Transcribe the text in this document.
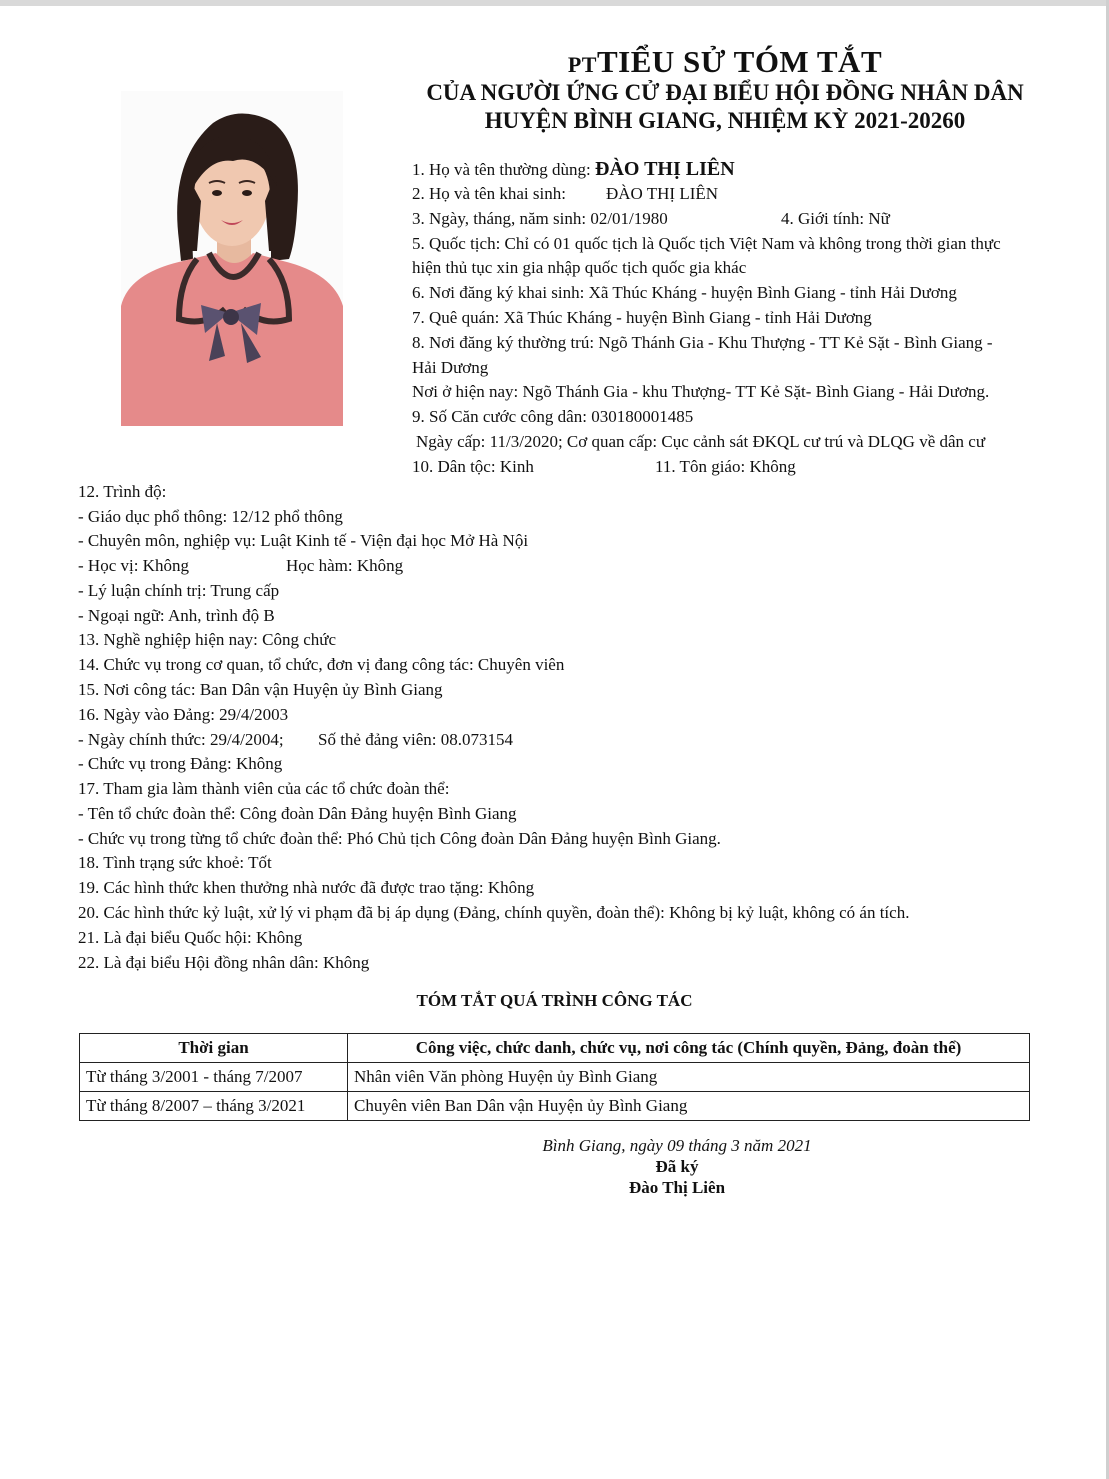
PTTIỂU SỬ TÓM TẮT
CỦA NGƯỜI ỨNG CỬ ĐẠI BIỂU HỘI ĐỒNG NHÂN DÂN
HUYỆN BÌNH GIANG, NHIỆM KỲ 2021-20260
1. Họ và tên thường dùng: ĐÀO THỊ LIÊN
2. Họ và tên khai sinh: ĐÀO THỊ LIÊN
3. Ngày, tháng, năm sinh: 02/01/1980	4. Giới tính: Nữ
5. Quốc tịch: Chỉ có 01 quốc tịch là Quốc tịch Việt Nam và không trong thời gian thực
hiện thủ tục xin gia nhập quốc tịch quốc gia khác
6. Nơi đăng ký khai sinh: Xã Thúc Kháng - huyện Bình Giang - tỉnh Hải Dương
7. Quê quán: Xã Thúc Kháng - huyện Bình Giang - tỉnh Hải Dương
8. Nơi đăng ký thường trú: Ngõ Thánh Gia - Khu Thượng - TT Kẻ Sặt - Bình Giang -
Hải Dương
Nơi ở hiện nay: Ngõ Thánh Gia - khu Thượng- TT Kẻ Sặt- Bình Giang - Hải Dương.
9. Số Căn cước công dân: 030180001485
Ngày cấp: 11/3/2020; Cơ quan cấp: Cục cảnh sát ĐKQL cư trú và DLQG về dân cư
10. Dân tộc: Kinh	11. Tôn giáo: Không
12. Trình độ:
- Giáo dục phổ thông: 12/12 phổ thông
- Chuyên môn, nghiệp vụ: Luật Kinh tế - Viện đại học Mở Hà Nội
- Học vị: Không	Học hàm: Không
- Lý luận chính trị: Trung cấp
- Ngoại ngữ: Anh, trình độ B
13. Nghề nghiệp hiện nay: Công chức
14. Chức vụ trong cơ quan, tổ chức, đơn vị đang công tác: Chuyên viên
15. Nơi công tác: Ban Dân vận Huyện ủy Bình Giang
16. Ngày vào Đảng: 29/4/2003
- Ngày chính thức: 29/4/2004; Số thẻ đảng viên: 08.073154
- Chức vụ trong Đảng: Không
17. Tham gia làm thành viên của các tổ chức đoàn thể:
- Tên tổ chức đoàn thể: Công đoàn Dân Đảng huyện Bình Giang
- Chức vụ trong từng tổ chức đoàn thể: Phó Chủ tịch Công đoàn Dân Đảng huyện Bình Giang.
18. Tình trạng sức khoẻ: Tốt
19. Các hình thức khen thưởng nhà nước đã được trao tặng: Không
20. Các hình thức kỷ luật, xử lý vi phạm đã bị áp dụng (Đảng, chính quyền, đoàn thể): Không bị kỷ luật, không có án tích.
21. Là đại biểu Quốc hội: Không
22. Là đại biểu Hội đồng nhân dân: Không
TÓM TẮT QUÁ TRÌNH CÔNG TÁC
Thời gian	Công việc, chức danh, chức vụ, nơi công tác (Chính quyền, Đảng, đoàn thể)
Từ tháng 3/2001 - tháng 7/2007	Nhân viên Văn phòng Huyện ủy Bình Giang
Từ tháng 8/2007 – tháng 3/2021	Chuyên viên Ban Dân vận Huyện ủy Bình Giang
Bình Giang, ngày 09 tháng 3 năm 2021
Đã ký
Đào Thị Liên
